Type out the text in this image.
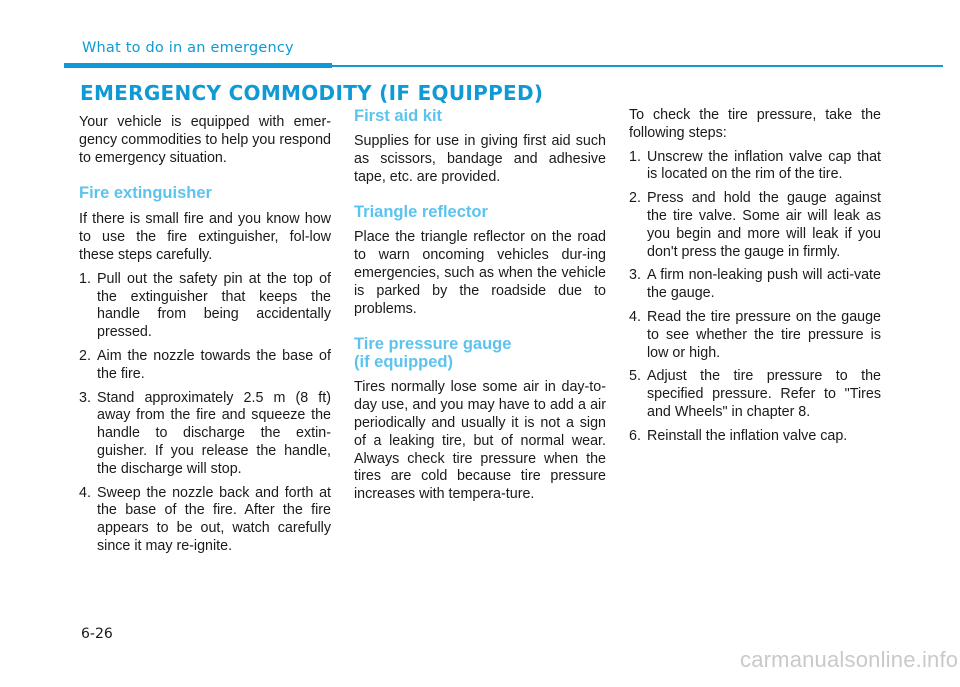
What to do in an emergency
EMERGENCY COMMODITY (IF EQUIPPED)

Your vehicle is equipped with emer-gency commodities to help you respond to emergency situation.

Fire extinguisher

If there is small fire and you know how to use the fire extinguisher, fol-low these steps carefully.

1. Pull out the safety pin at the top of the extinguisher that keeps the handle from being accidentally pressed.
2. Aim the nozzle towards the base of the fire.
3. Stand approximately 2.5 m (8 ft) away from the fire and squeeze the handle to discharge the extin-guisher. If you release the handle, the discharge will stop.
4. Sweep the nozzle back and forth at the base of the fire. After the fire appears to be out, watch carefully since it may re-ignite.
First aid kit

Supplies for use in giving first aid such as scissors, bandage and adhesive tape, etc. are provided.

Triangle reflector

Place the triangle reflector on the road to warn oncoming vehicles dur-ing emergencies, such as when the vehicle is parked by the roadside due to problems.

Tire pressure gauge
(if equipped)

Tires normally lose some air in day-to-day use, and you may have to add a air periodically and usually it is not a sign of a leaking tire, but of normal wear. Always check tire pressure when the tires are cold because tire pressure increases with tempera-ture.

To check the tire pressure, take the following steps:

1. Unscrew the inflation valve cap that is located on the rim of the tire.
2. Press and hold the gauge against the tire valve. Some air will leak as you begin and more will leak if you don't press the gauge in firmly.
3. A firm non-leaking push will acti-vate the gauge.
4. Read the tire pressure on the gauge to see whether the tire pressure is low or high.
5. Adjust the tire pressure to the specified pressure. Refer to "Tires and Wheels" in chapter 8.
6. Reinstall the inflation valve cap.
6-26
carmanualsonline.info
